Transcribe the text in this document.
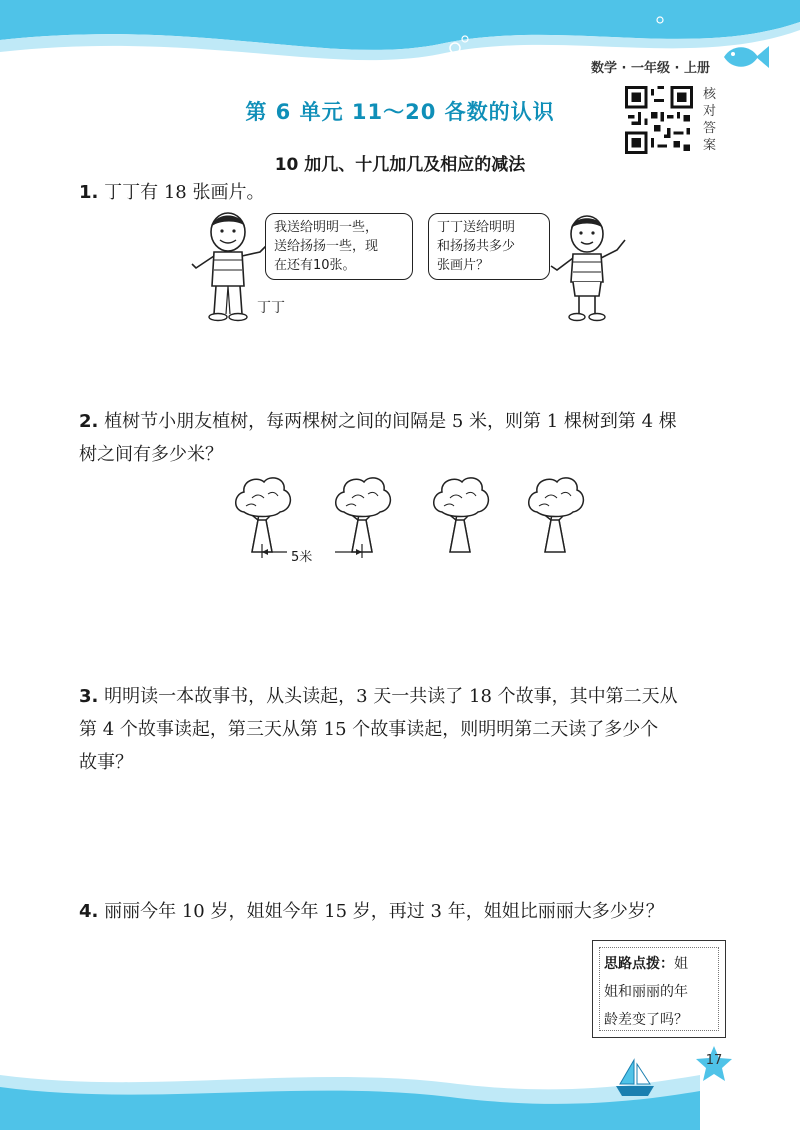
数学 · 一年级 · 上册
第 6 单元 11～20 各数的认识
核
对
答
案
10 加几、十几加几及相应的减法
1. 丁丁有 18 张画片。
我送给明明一些，
送给扬扬一些，现
在还有10张。
丁丁送给明明
和扬扬共多少
张画片？
丁丁
2. 植树节小朋友植树，每两棵树之间的间隔是 5 米，则第 1 棵树到第 4 棵
树之间有多少米？
5米
3. 明明读一本故事书，从头读起，3 天一共读了 18 个故事，其中第二天从
第 4 个故事读起，第三天从第 15 个故事读起，则明明第二天读了多少个
故事？
4. 丽丽今年 10 岁，姐姐今年 15 岁，再过 3 年，姐姐比丽丽大多少岁？
思路点拨：姐
姐和丽丽的年
龄差变了吗？
17
